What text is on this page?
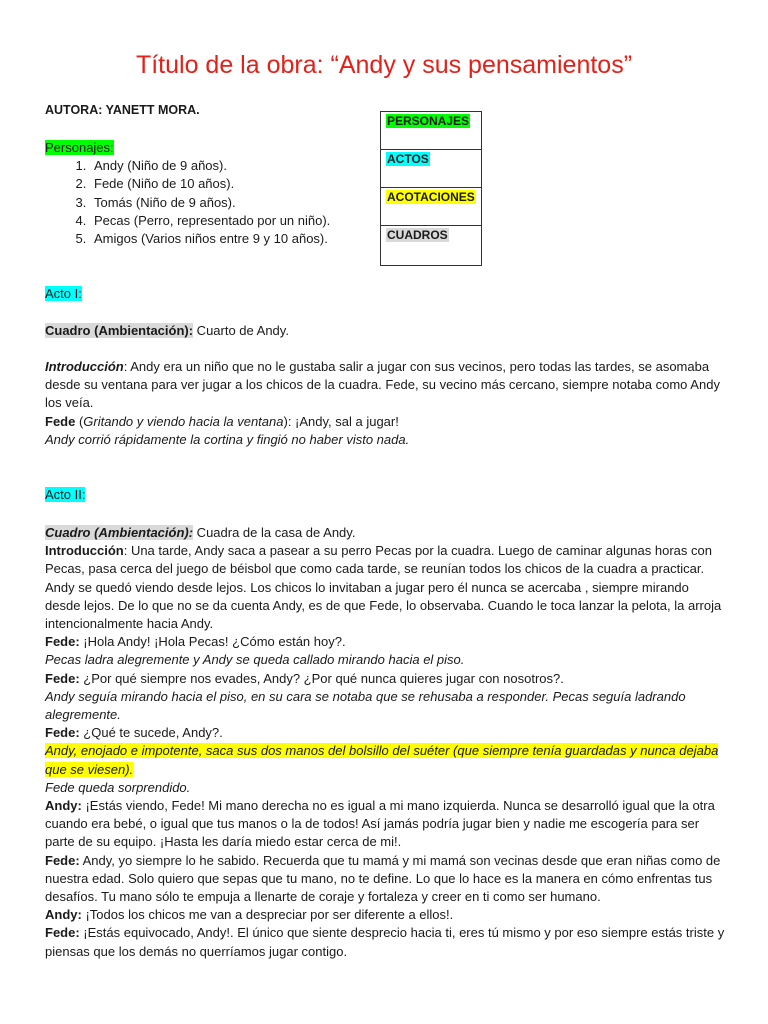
Título de la obra: “Andy y sus pensamientos”
AUTORA: YANETT MORA.
PERSONAJES
ACTOS
ACOTACIONES
CUADROS
Personajes:
1. Andy (Niño de 9 años).
2. Fede (Niño de 10 años).
3. Tomás (Niño de 9 años).
4. Pecas (Perro, representado por un niño).
5. Amigos (Varios niños entre 9 y 10 años).
Acto I:
Cuadro (Ambientación): Cuarto de Andy.

Introducción: Andy era un niño que no le gustaba salir a jugar con sus vecinos, pero todas las tardes, se asomaba desde su ventana para ver jugar a los chicos de la cuadra. Fede, su vecino más cercano, siempre notaba como Andy los veía.

Fede (Gritando y viendo hacia la ventana): ¡Andy, sal a jugar!

Andy corrió rápidamente la cortina y fingió no haber visto nada.

Acto II:

Cuadro (Ambientación): Cuadra de la casa de Andy.

Introducción: Una tarde, Andy saca a pasear a su perro Pecas por la cuadra. Luego de caminar algunas horas con Pecas, pasa cerca del juego de béisbol que como cada tarde, se reunían todos los chicos de la cuadra a practicar. Andy se quedó viendo desde lejos. Los chicos lo invitaban a jugar pero él nunca se acercaba , siempre mirando desde lejos. De lo que no se da cuenta Andy, es de que Fede, lo observaba. Cuando le toca lanzar la pelota, la arroja intencionalmente hacia Andy.

Fede: ¡Hola Andy! ¡Hola Pecas! ¿Cómo están hoy?.

Pecas ladra alegremente y Andy se queda callado mirando hacia el piso.

Fede: ¿Por qué siempre nos evades, Andy? ¿Por qué nunca quieres jugar con nosotros?.

Andy seguía mirando hacia el piso, en su cara se notaba que se rehusaba a responder. Pecas seguía ladrando alegremente.

Fede: ¿Qué te sucede, Andy?.

Andy, enojado e impotente, saca sus dos manos del bolsillo del suéter (que siempre tenía guardadas y nunca dejaba que se viesen).

Fede queda sorprendido.

Andy: ¡Estás viendo, Fede! Mi mano derecha no es igual a mi mano izquierda. Nunca se desarrolló igual que la otra cuando era bebé, o igual que tus manos o la de todos! Así jamás podría jugar bien y nadie me escogería para ser parte de su equipo. ¡Hasta les daría miedo estar cerca de mi!.

Fede: Andy, yo siempre lo he sabido. Recuerda que tu mamá y mi mamá son vecinas desde que eran niñas como de nuestra edad. Solo quiero que sepas que tu mano, no te define. Lo que lo hace es la manera en cómo enfrentas tus desafíos. Tu mano sólo te empuja a llenarte de coraje y fortaleza y creer en ti como ser humano.

Andy: ¡Todos los chicos me van a despreciar por ser diferente a ellos!.

Fede: ¡Estás equivocado, Andy!. El único que siente desprecio hacia ti, eres tú mismo y por eso siempre estás triste y piensas que los demás no querríamos jugar contigo.
